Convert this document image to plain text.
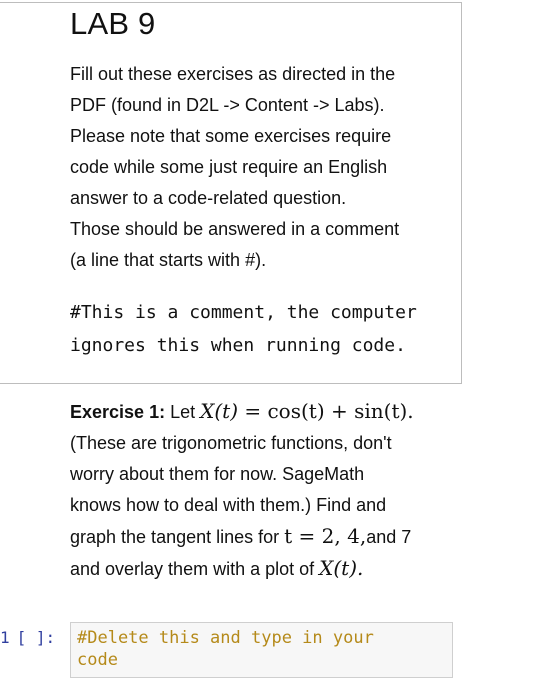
LAB 9

Fill out these exercises as directed in the
PDF (found in D2L -> Content -> Labs).
Please note that some exercises require
code while some just require an English
answer to a code-related question.
Those should be answered in a comment
(a line that starts with #).

#This is a comment, the computer
ignores this when running code.

Exercise 1: Let X(t) = cos(t) + sin(t).
(These are trigonometric functions, don't
worry about them for now. SageMath
knows how to deal with them.) Find and
graph the tangent lines for t = 2, 4,and 7
and overlay them with a plot of X(t).

1 [ ]: #Delete this and type in your
code
